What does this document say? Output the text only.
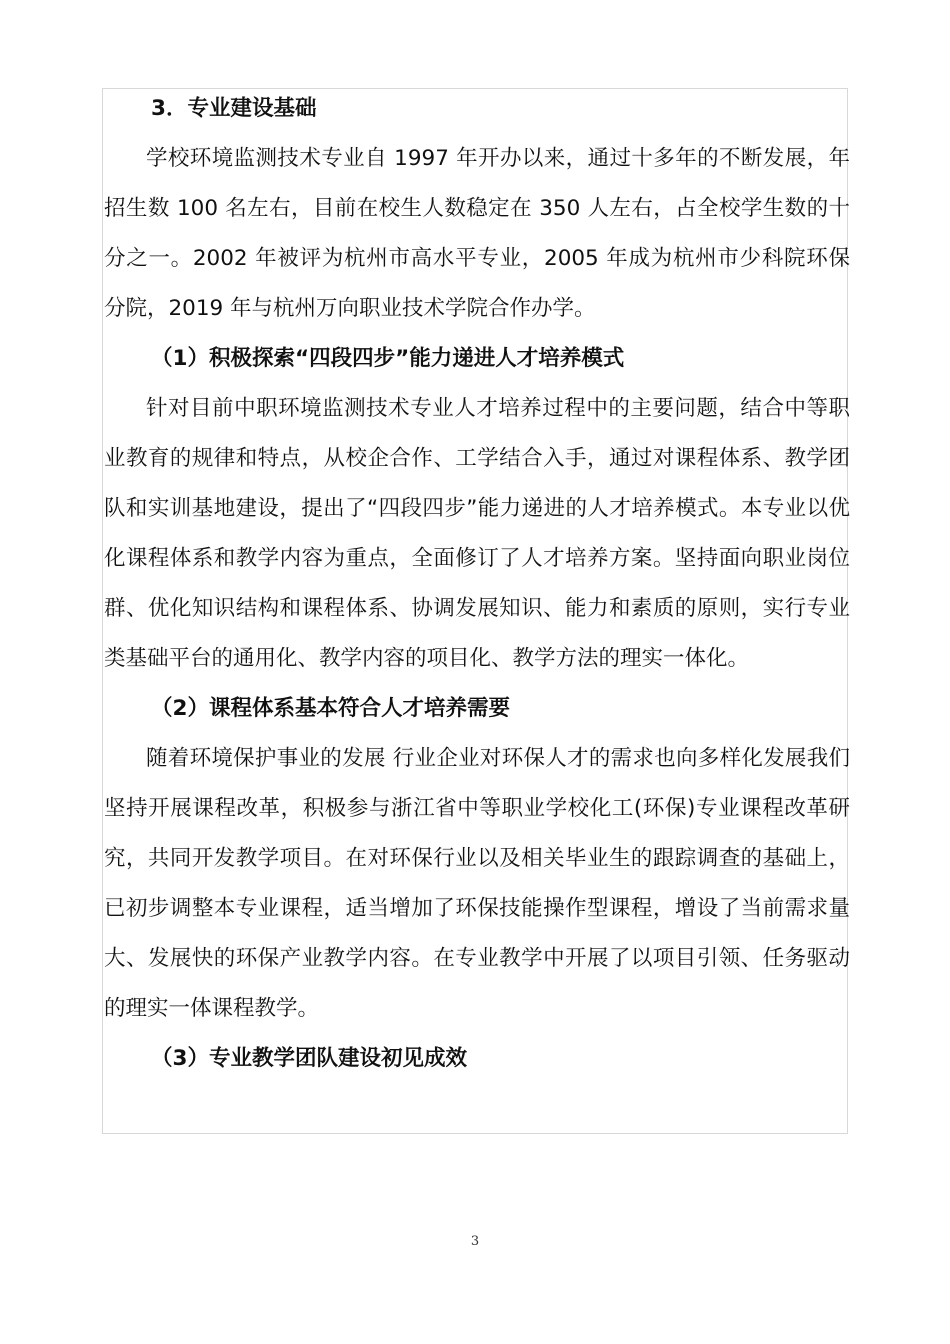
3．专业建设基础

学校环境监测技术专业自 1997 年开办以来，通过十多年的不断发展，年招生数 100 名左右，目前在校生人数稳定在 350 人左右，占全校学生数的十分之一。2002 年被评为杭州市高水平专业，2005 年成为杭州市少科院环保分院，2019 年与杭州万向职业技术学院合作办学。

（1）积极探索“四段四步”能力递进人才培养模式

针对目前中职环境监测技术专业人才培养过程中的主要问题，结合中等职业教育的规律和特点，从校企合作、工学结合入手，通过对课程体系、教学团队和实训基地建设，提出了“四段四步”能力递进的人才培养模式。本专业以优化课程体系和教学内容为重点，全面修订了人才培养方案。坚持面向职业岗位群、优化知识结构和课程体系、协调发展知识、能力和素质的原则，实行专业类基础平台的通用化、教学内容的项目化、教学方法的理实一体化。

（2）课程体系基本符合人才培养需要

随着环境保护事业的发展 行业企业对环保人才的需求也向多样化发展我们坚持开展课程改革，积极参与浙江省中等职业学校化工(环保)专业课程改革研究，共同开发教学项目。在对环保行业以及相关毕业生的跟踪调查的基础上，已初步调整本专业课程，适当增加了环保技能操作型课程，增设了当前需求量大、发展快的环保产业教学内容。在专业教学中开展了以项目引领、任务驱动的理实一体课程教学。

（3）专业教学团队建设初见成效

3
